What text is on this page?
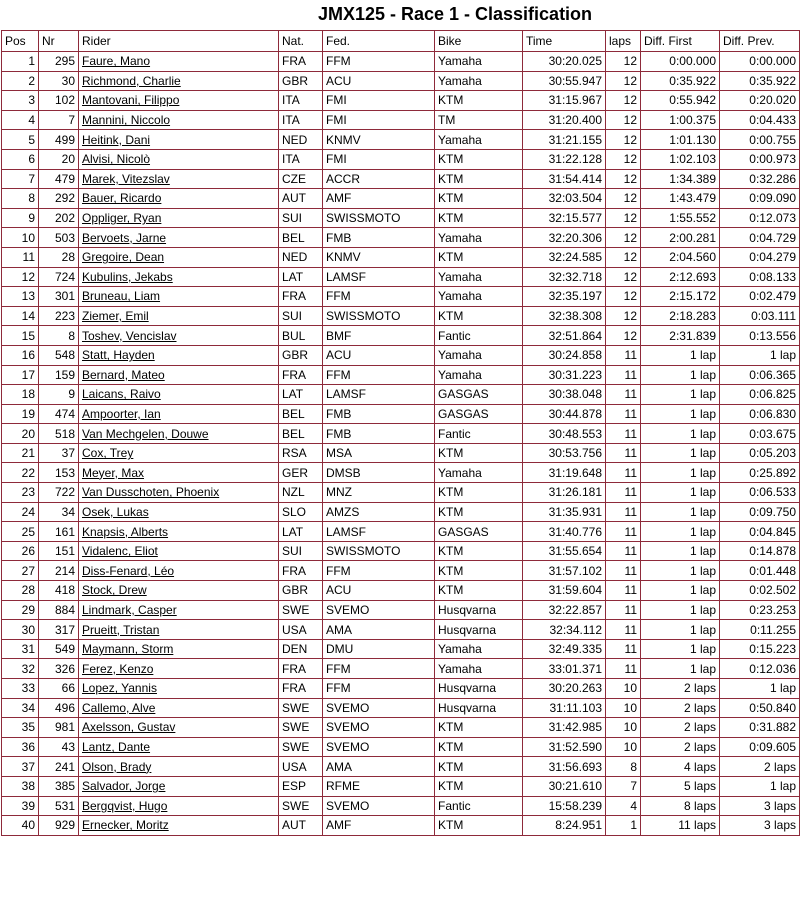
JMX125 - Race 1 - Classification
Pos	Nr	Rider	Nat.	Fed.	Bike	Time	laps	Diff. First	Diff. Prev.
1	295	Faure, Mano	FRA	FFM	Yamaha	30:20.025	12	0:00.000	0:00.000
2	30	Richmond, Charlie	GBR	ACU	Yamaha	30:55.947	12	0:35.922	0:35.922
3	102	Mantovani, Filippo	ITA	FMI	KTM	31:15.967	12	0:55.942	0:20.020
4	7	Mannini, Niccolo	ITA	FMI	TM	31:20.400	12	1:00.375	0:04.433
5	499	Heitink, Dani	NED	KNMV	Yamaha	31:21.155	12	1:01.130	0:00.755
6	20	Alvisi, Nicolò	ITA	FMI	KTM	31:22.128	12	1:02.103	0:00.973
7	479	Marek, Vitezslav	CZE	ACCR	KTM	31:54.414	12	1:34.389	0:32.286
8	292	Bauer, Ricardo	AUT	AMF	KTM	32:03.504	12	1:43.479	0:09.090
9	202	Oppliger, Ryan	SUI	SWISSMOTO	KTM	32:15.577	12	1:55.552	0:12.073
10	503	Bervoets, Jarne	BEL	FMB	Yamaha	32:20.306	12	2:00.281	0:04.729
11	28	Gregoire, Dean	NED	KNMV	KTM	32:24.585	12	2:04.560	0:04.279
12	724	Kubulins, Jekabs	LAT	LAMSF	Yamaha	32:32.718	12	2:12.693	0:08.133
13	301	Bruneau, Liam	FRA	FFM	Yamaha	32:35.197	12	2:15.172	0:02.479
14	223	Ziemer, Emil	SUI	SWISSMOTO	KTM	32:38.308	12	2:18.283	0:03.111
15	8	Toshev, Vencislav	BUL	BMF	Fantic	32:51.864	12	2:31.839	0:13.556
16	548	Statt, Hayden	GBR	ACU	Yamaha	30:24.858	11	1 lap	1 lap
17	159	Bernard, Mateo	FRA	FFM	Yamaha	30:31.223	11	1 lap	0:06.365
18	9	Laicans, Raivo	LAT	LAMSF	GASGAS	30:38.048	11	1 lap	0:06.825
19	474	Ampoorter, Ian	BEL	FMB	GASGAS	30:44.878	11	1 lap	0:06.830
20	518	Van Mechgelen, Douwe	BEL	FMB	Fantic	30:48.553	11	1 lap	0:03.675
21	37	Cox, Trey	RSA	MSA	KTM	30:53.756	11	1 lap	0:05.203
22	153	Meyer, Max	GER	DMSB	Yamaha	31:19.648	11	1 lap	0:25.892
23	722	Van Dusschoten, Phoenix	NZL	MNZ	KTM	31:26.181	11	1 lap	0:06.533
24	34	Osek, Lukas	SLO	AMZS	KTM	31:35.931	11	1 lap	0:09.750
25	161	Knapsis, Alberts	LAT	LAMSF	GASGAS	31:40.776	11	1 lap	0:04.845
26	151	Vidalenc, Eliot	SUI	SWISSMOTO	KTM	31:55.654	11	1 lap	0:14.878
27	214	Diss-Fenard, Léo	FRA	FFM	KTM	31:57.102	11	1 lap	0:01.448
28	418	Stock, Drew	GBR	ACU	KTM	31:59.604	11	1 lap	0:02.502
29	884	Lindmark, Casper	SWE	SVEMO	Husqvarna	32:22.857	11	1 lap	0:23.253
30	317	Prueitt, Tristan	USA	AMA	Husqvarna	32:34.112	11	1 lap	0:11.255
31	549	Maymann, Storm	DEN	DMU	Yamaha	32:49.335	11	1 lap	0:15.223
32	326	Ferez, Kenzo	FRA	FFM	Yamaha	33:01.371	11	1 lap	0:12.036
33	66	Lopez, Yannis	FRA	FFM	Husqvarna	30:20.263	10	2 laps	1 lap
34	496	Callemo, Alve	SWE	SVEMO	Husqvarna	31:11.103	10	2 laps	0:50.840
35	981	Axelsson, Gustav	SWE	SVEMO	KTM	31:42.985	10	2 laps	0:31.882
36	43	Lantz, Dante	SWE	SVEMO	KTM	31:52.590	10	2 laps	0:09.605
37	241	Olson, Brady	USA	AMA	KTM	31:56.693	8	4 laps	2 laps
38	385	Salvador, Jorge	ESP	RFME	KTM	30:21.610	7	5 laps	1 lap
39	531	Bergqvist, Hugo	SWE	SVEMO	Fantic	15:58.239	4	8 laps	3 laps
40	929	Ernecker, Moritz	AUT	AMF	KTM	8:24.951	1	11 laps	3 laps
